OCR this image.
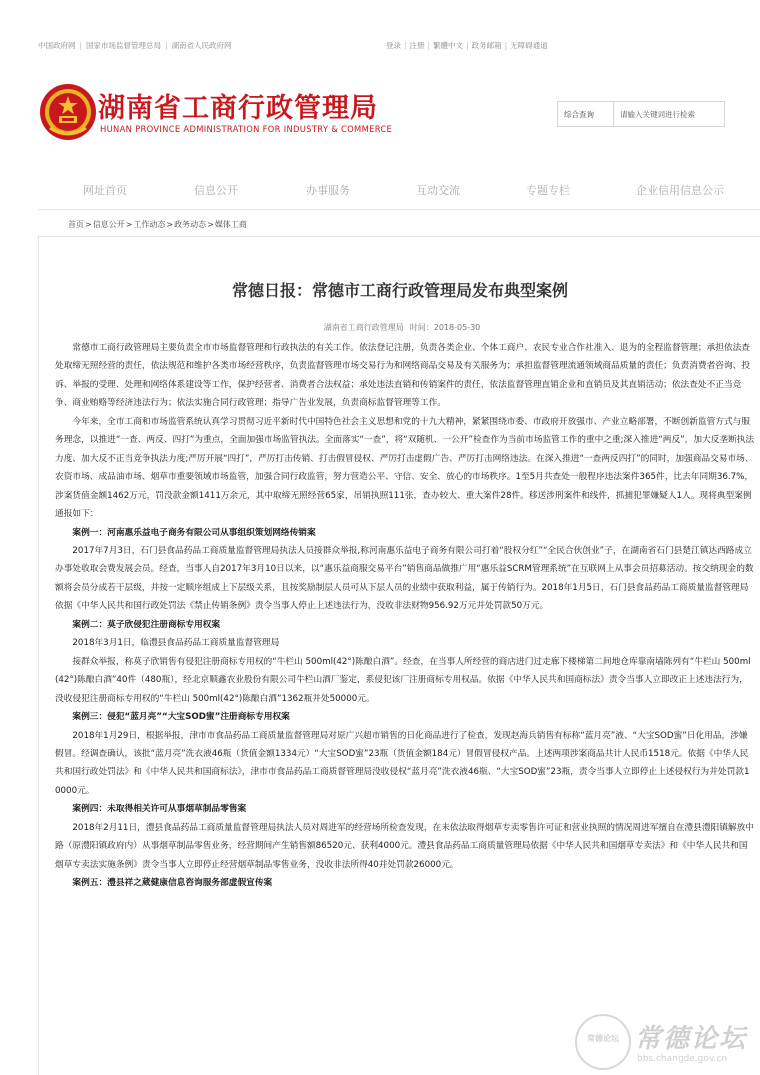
中国政府网 | 国家市场监督管理总局 | 湖南省人民政府网	登录 | 注册 | 繁體中文 | 政务邮箱 | 无障碍通道
湖南省工商行政管理局
HUNAN PROVINCE ADMINISTRATION FOR INDUSTRY & COMMERCE
综合查询
请输入关键词进行检索
网址首页	信息公开	办事服务	互动交流	专题专栏	企业信用信息公示
首页>信息公开>工作动态>政务动态>媒体工商
常德日报：常德市工商行政管理局发布典型案例
湖南省工商行政管理局 时间：2018-05-30

常德市工商行政管理局主要负责全市市场监督管理和行政执法的有关工作。依法登记注册，负责各类企业、个体工商户、农民专业合作社准入、退为的全程监督管理；承担依法查处取缔无照经营的责任，依法规范和维护各类市场经营秩序，负责监督管理市场交易行为和网络商品交易及有关服务为；承担监督管理流通领域商品质量的责任；负责消费者咨询、投诉、举报的受理、处理和网络体系建设等工作，保护经营者、消费者合法权益；承处违法直销和传销案件的责任，依法监督管理直销企业和直销员及其直销活动；依法查处不正当竞争、商业贿赂等经济违法行为；依法实施合同行政管理；指导广告业发展，负责商标监督管理等工作。

今年来，全市工商和市场监管系统认真学习贯彻习近平新时代中国特色社会主义思想和党的十九大精神，紧紧围绕市委、市政府开放强市、产业立略部署，不断创新监管方式与服务理念，以推进“一查、两反、四打”为重点，全面加强市场监管执法。全面落实“一查”，将“双随机、一公开”检查作为当前市场监管工作的重中之重;深入推进“两反”，加大反垄断执法力度、加大反不正当竞争执法力度;严厉开展“四打”，严厉打击传销、打击假冒侵权、严厉打击虚假广告、严厉打击网络违法。在深入推进“一查两反四打”的同时，加强商品交易市场、农资市场、成品油市场、烟草市重要领域市场监管，加强合同行政监管，努力营造公平、守信、安全、放心的市场秩序。1至5月共查处一般程序违法案件365件，比去年同期36.7%，涉案货值金额1462万元，罚没款金额1411万余元，其中取缔无照经营65家，吊销执照111张，查办较大、重大案件28件。移送涉刑案件和线件，抓捕犯罪嫌疑人1人。现将典型案例通报如下：

案例一：河南惠乐益电子商务有限公司从事组织策划网络传销案

2017年7月3日，石门县食品药品工商质量监督管理局执法人员接群众举报,称河南惠乐益电子商务有限公司打着“股权分红”“全民合伙创业”子，在湖南省石门县楚江镇达西路成立办事处收取会费发展会员。经查，当事人自2017年3月10日以来，以“惠乐益商服交易平台”销售商品做推广用“惠乐益SCRM管理系统”在互联网上从事会员招募活动。按交纳现金的数额将会员分成若干层级，并按一定顺序组成上下层级关系，且按奖励制层人员可从下层人员的业绩中获取利益，属于传销行为。2018年1月5日，石门县食品药品工商质量监督管理局依据《中华人民共和国行政处罚法《禁止传销条例》责令当事人停止上述违法行为，没收非法财物956.92万元并处罚款50万元。

案例二：莫子欣侵犯注册商标专用权案

2018年3月1日，临澧县食品药品工商质量监督管理局

接群众举报，称莫子欣销售有侵犯注册商标专用权的“牛栏山 500ml(42°)陈酿白酒”。经查，在当事人所经营的商店进门过走廊下楼梯第二间地仓库靠南墙陈列有“牛栏山 500ml(42°)陈酿白酒”40件（480瓶），经北京顺鑫农业股份有限公司牛栏山酒厂鉴定，系侵犯该厂注册商标专用权品。依据《中华人民共和国商标法》责令当事人立即改正上述违法行为，没收侵犯注册商标专用权的“牛栏山 500ml(42°)陈酿白酒”1362瓶并处50000元。

案例三：侵犯“蓝月亮”“大宝SOD蜜”注册商标专用权案

2018年1月29日，根据举报，津市市食品药品工商质量监督管理局对原广兴超市销售的日化商品进行了检查，发现赵海兵销售有标称“蓝月亮”液、“大宝SOD蜜”日化用品，涉嫌假冒。经调查确认，该批“蓝月亮”洗衣液46瓶（货值金额1334元）“大宝SOD蜜”23瓶（货值金额184元）冒假冒侵权产品。上述两项涉案商品共计人民币1518元。依据《中华人民共和国行政处罚法》和《中华人民共和国商标法》，津市市食品药品工商质督管理局没收侵权“蓝月亮”洗衣液46瓶、“大宝SOD蜜”23瓶，责令当事人立即停止上述侵权行为并处罚款10000元。

案例四：未取得相关许可从事烟草制品零售案

2018年2月11日，澧县食品药品工商质量监督管理局执法人员对周进军的经营场所检查发现，在未依法取得烟草专卖零售许可证和营业执照的情况周进军擅自在澧县澧阳镇解放中路（原澧阳镇政府内）从事烟草制品零售业务，经营期间产生销售额86520元、获利4000元。澧县食品药品工商质量管理局依据《中华人民共和国烟草专卖法》和《中华人民共和国烟草专卖法实施条例》责令当事人立即停止经营烟草制品零售业务，没收非法所得40并处罚款26000元。

案例五：澧县祥之葳健康信息咨询服务部虚假宣传案

常德论坛 常德论坛
bbs.changde.gov.cn
